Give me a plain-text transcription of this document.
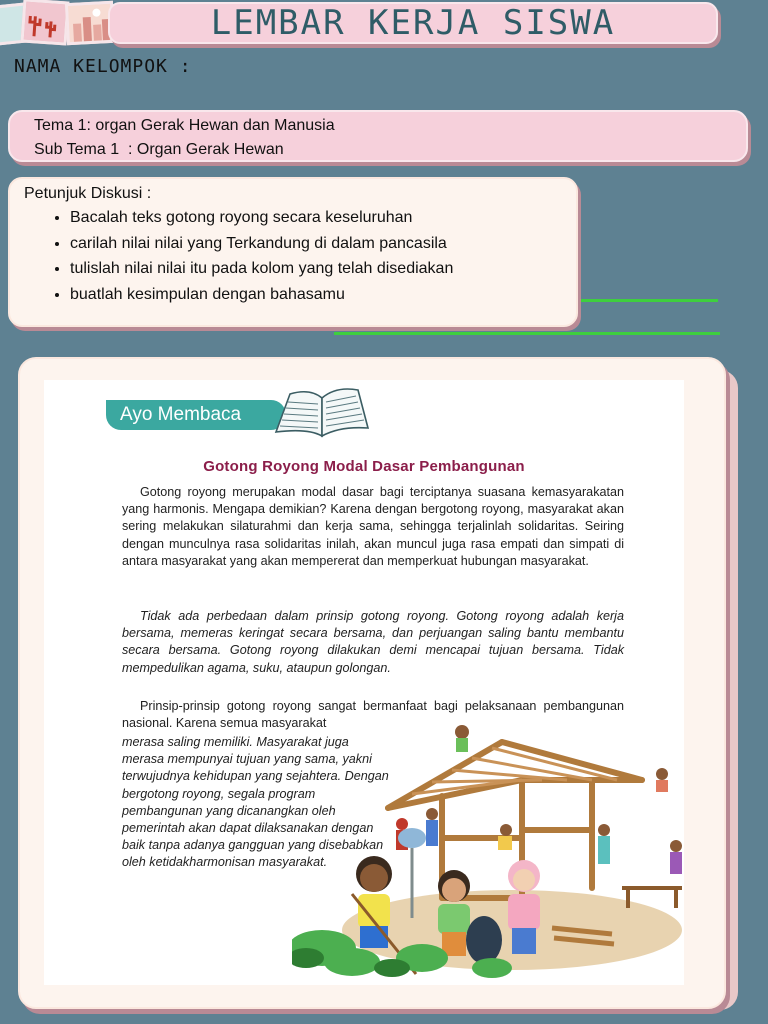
LEMBAR KERJA SISWA
NAMA KELOMPOK :
Tema 1: organ Gerak Hewan dan Manusia
Sub Tema 1  : Organ Gerak Hewan
Petunjuk Diskusi :
• Bacalah teks gotong royong secara keseluruhan
• carilah nilai nilai yang Terkandung di dalam pancasila
• tulislah nilai nilai itu pada kolom yang telah disediakan
• buatlah kesimpulan dengan bahasamu
Ayo Membaca
Gotong Royong Modal Dasar Pembangunan

Gotong royong merupakan modal dasar bagi terciptanya suasana kemasyarakatan yang harmonis. Mengapa demikian? Karena dengan bergotong royong, masyarakat akan sering melakukan silaturahmi dan kerja sama, sehingga terjalinlah solidaritas. Seiring dengan munculnya rasa solidaritas inilah, akan muncul juga rasa empati dan simpati di antara masyarakat yang akan mempererat dan memperkuat hubungan masyarakat.

Tidak ada perbedaan dalam prinsip gotong royong. Gotong royong adalah kerja bersama, memeras keringat secara bersama, dan perjuangan saling bantu membantu secara bersama. Gotong royong dilakukan demi mencapai tujuan bersama. Tidak mempedulikan agama, suku, ataupun golongan.

Prinsip-prinsip gotong royong sangat bermanfaat bagi pelaksanaan pembangunan nasional. Karena semua masyarakat

merasa saling memiliki. Masyarakat juga merasa mempunyai tujuan yang sama, yakni terwujudnya kehidupan yang sejahtera. Dengan bergotong royong, segala program pembangunan yang dicanangkan oleh pemerintah akan dapat dilaksanakan dengan baik tanpa adanya gangguan yang disebabkan oleh ketidakharmonisan masyarakat.
